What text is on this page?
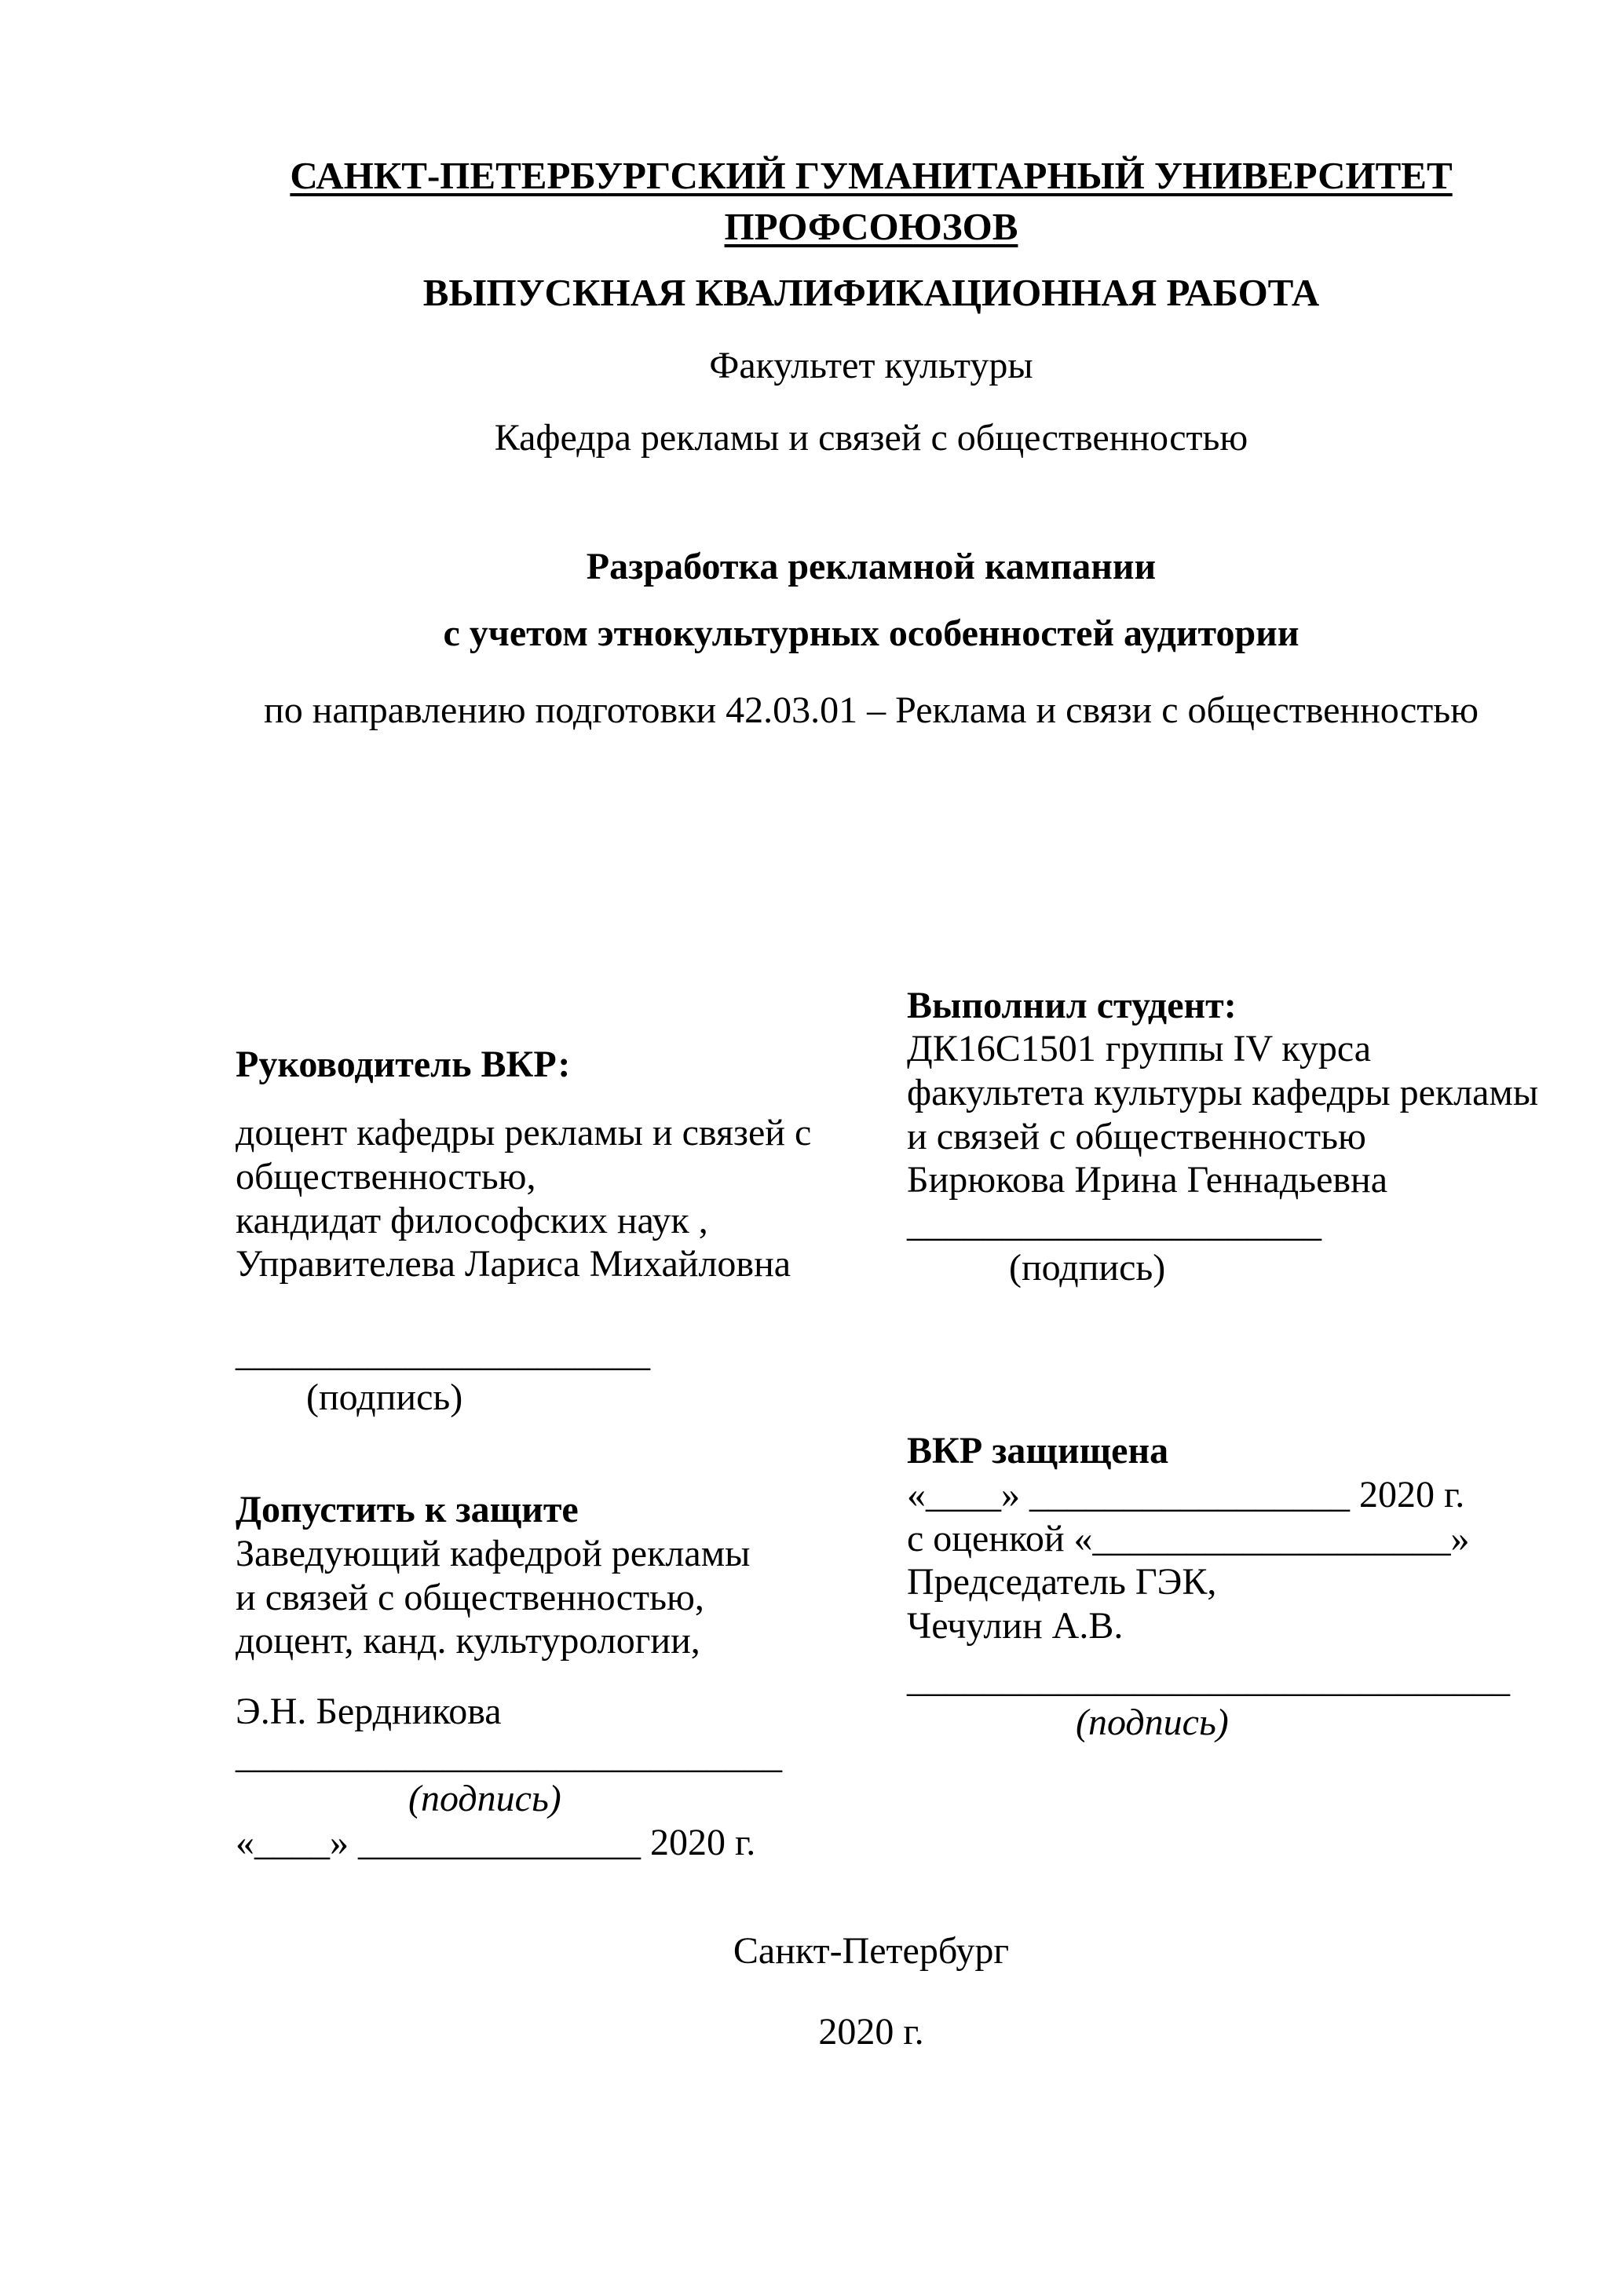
САНКТ-ПЕТЕРБУРГСКИЙ ГУМАНИТАРНЫЙ УНИВЕРСИТЕТ
ПРОФСОЮЗОВ
ВЫПУСКНАЯ КВАЛИФИКАЦИОННАЯ РАБОТА
Факультет культуры
Кафедра рекламы и связей с общественностью
Разработка рекламной кампании
с учетом этнокультурных особенностей аудитории
по направлению подготовки 42.03.01 – Реклама и связи с общественностью
Руководитель ВКР:
доцент кафедры рекламы и связей с
общественностью,
кандидат философских наук ,
Управителева Лариса Михайловна
______________________
(подпись)
Допустить к защите
Заведующий кафедрой рекламы
и связей с общественностью,
доцент, канд. культурологии,
Э.Н. Бердникова
_____________________________
(подпись)
«____» _______________ 2020 г.
Выполнил студент:
ДК16С1501 группы IV курса
факультета культуры кафедры рекламы
и связей с общественностью
Бирюкова Ирина Геннадьевна
______________________
(подпись)
ВКР защищена
«____» _________________ 2020 г.
с оценкой «___________________»
Председатель ГЭК,
Чечулин А.В.
________________________________
(подпись)
Санкт-Петербург
2020 г.
